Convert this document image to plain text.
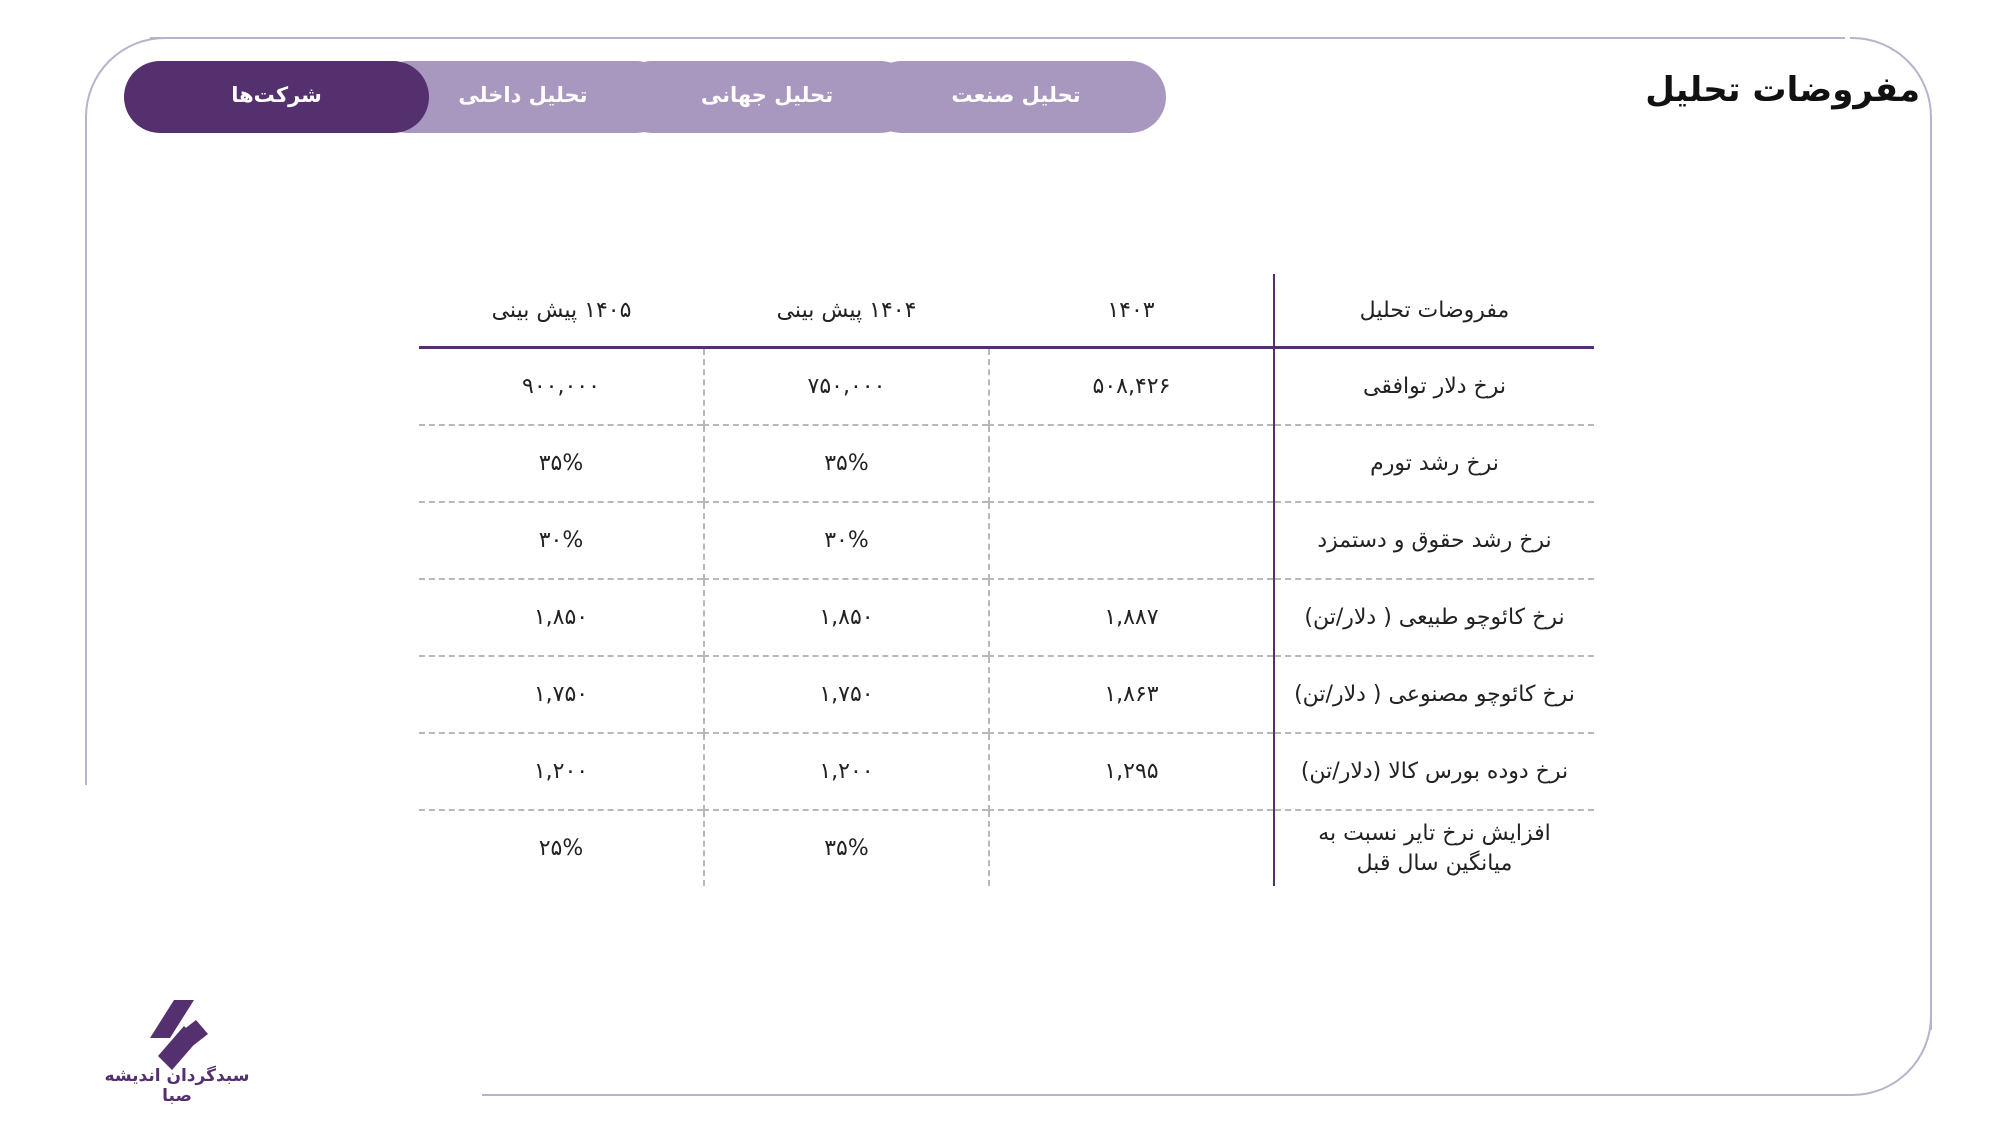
مفروضات تحلیل
تحلیل صنعت
تحلیل جهانی
تحلیل داخلی
شرکت‌ها
مفروضات تحلیل	۱۴۰۳	۱۴۰۴ پیش بینی	۱۴۰۵ پیش بینی
نرخ دلار توافقی	۵۰۸,۴۲۶	۷۵۰,۰۰۰	۹۰۰,۰۰۰
نرخ رشد تورم		۳۵%	۳۵%
نرخ رشد حقوق و دستمزد		۳۰%	۳۰%
نرخ کائوچو طبیعی ( دلار/تن)	۱,۸۸۷	۱,۸۵۰	۱,۸۵۰
نرخ کائوچو مصنوعی ( دلار/تن)	۱,۸۶۳	۱,۷۵۰	۱,۷۵۰
نرخ دوده بورس کالا (دلار/تن)	۱,۲۹۵	۱,۲۰۰	۱,۲۰۰

افزایش نرخ تایر نسبت به
میانگین سال قبل		۳۵%	۲۵%
سبدگردان اندیشه صبا
